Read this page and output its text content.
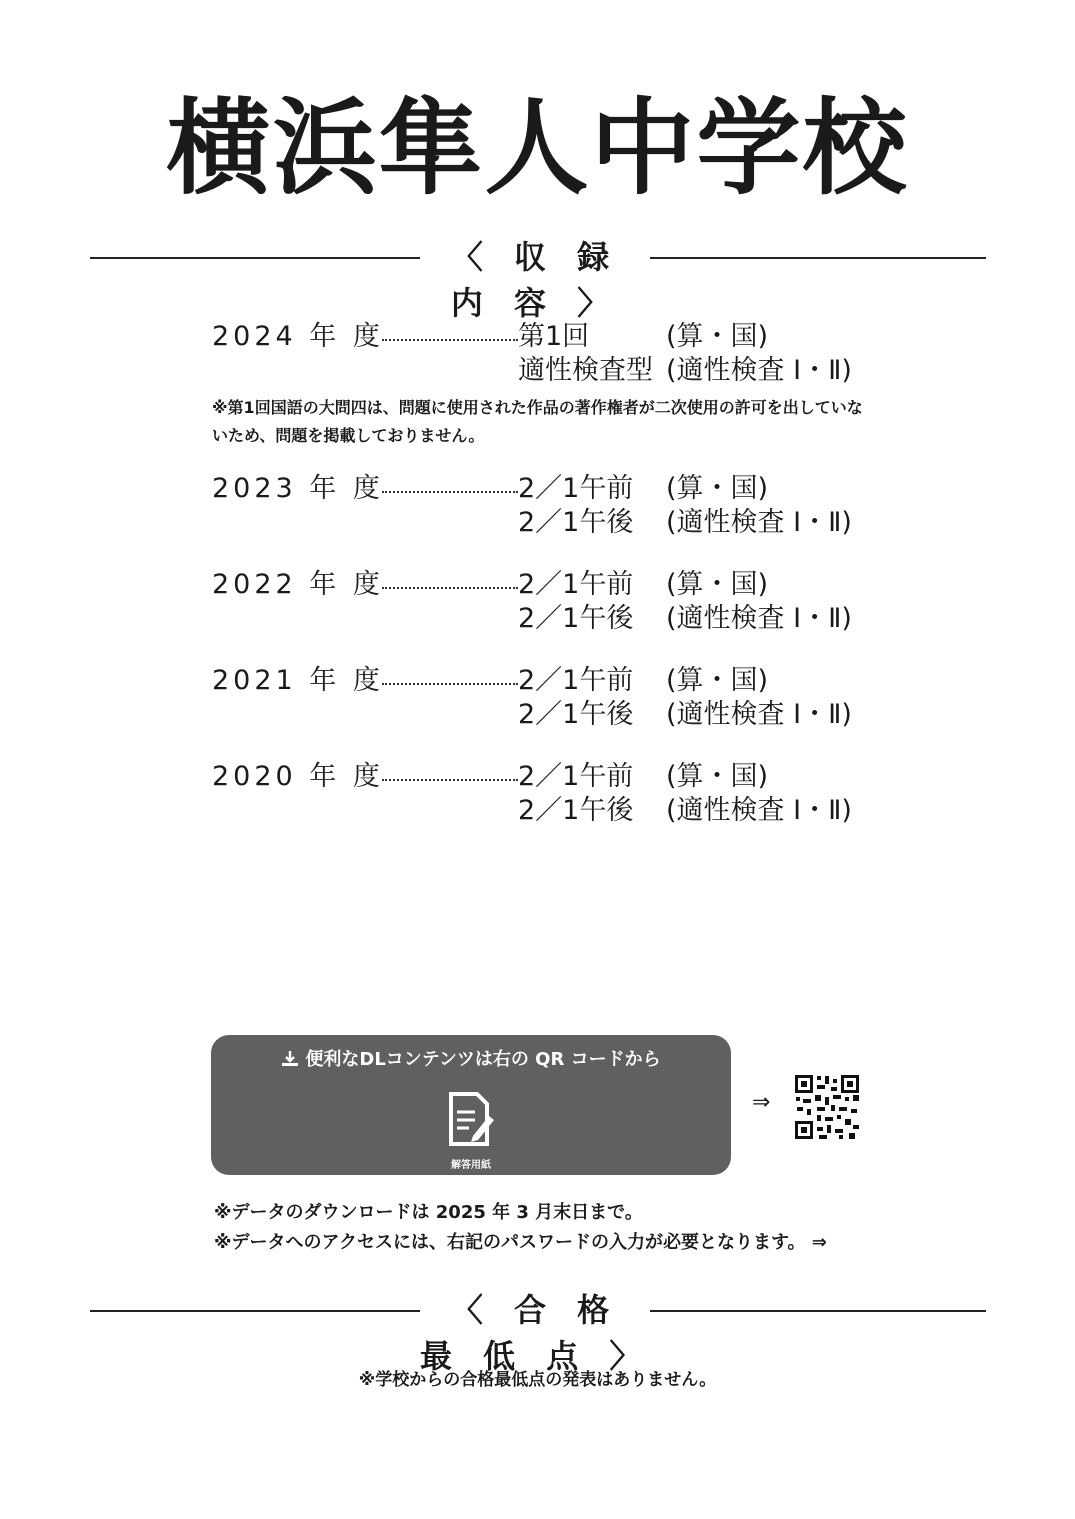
横浜隼人中学校
〈 収 録 内 容 〉
2024 年 度	第1回	(算・国)
適性検査型 (適性検査 Ⅰ・Ⅱ)
※第1回国語の大問四は、問題に使用された作品の著作権者が二次使用の許可を出していないため、問題を掲載しておりません。
2023 年 度	2／1午前 (算・国)
2／1午後 (適性検査 Ⅰ・Ⅱ)
2022 年 度	2／1午前 (算・国)
2／1午後 (適性検査 Ⅰ・Ⅱ)
2021 年 度	2／1午前 (算・国)
2／1午後 (適性検査 Ⅰ・Ⅱ)
2020 年 度	2／1午前 (算・国)
2／1午後 (適性検査 Ⅰ・Ⅱ)
便利なDLコンテンツは右の QR コードから
解答用紙
⇒
※データのダウンロードは 2025 年 3 月末日まで。
※データへのアクセスには、右記のパスワードの入力が必要となります。 ⇒
〈 合 格 最 低 点 〉
※学校からの合格最低点の発表はありません。
